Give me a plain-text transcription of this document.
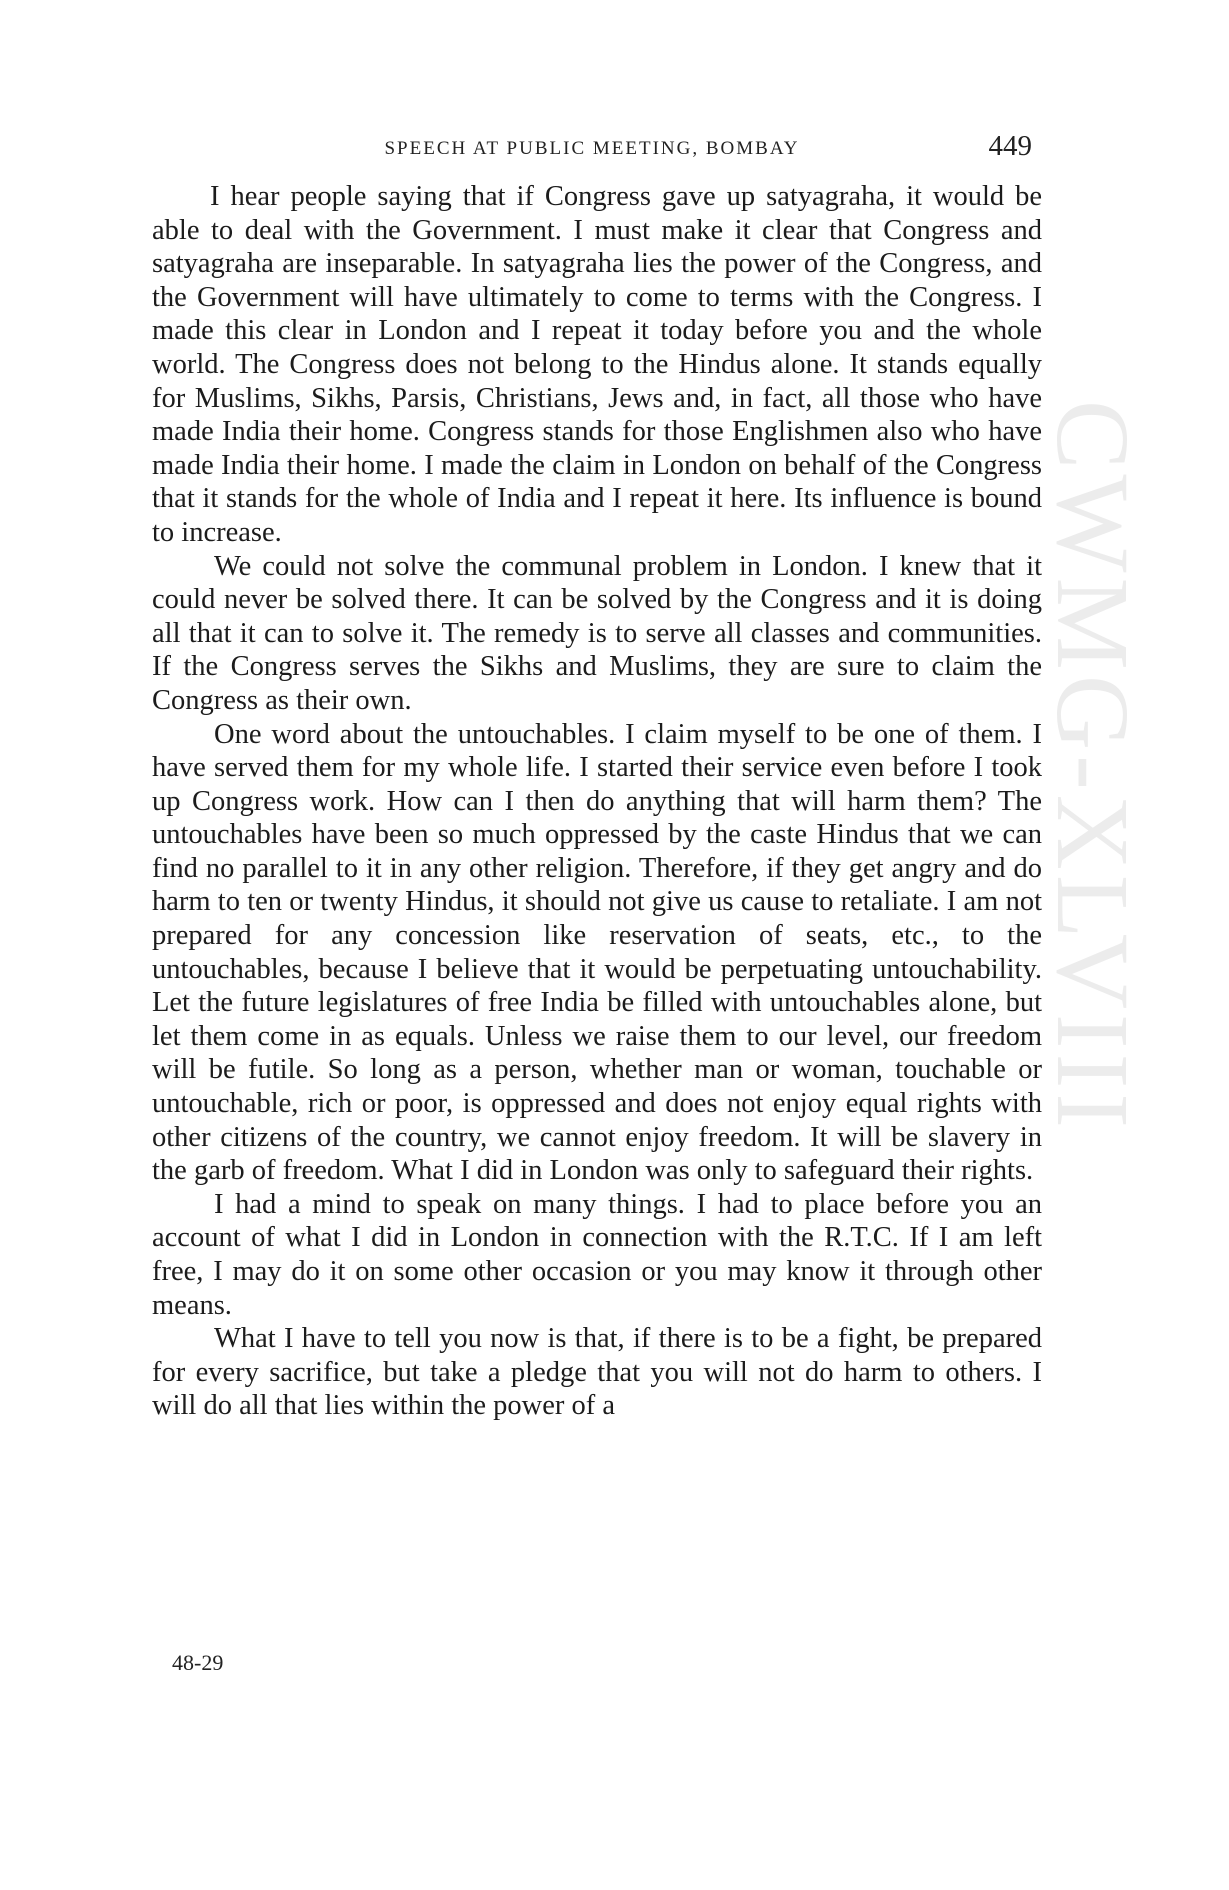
CWMG-XLVIII
SPEECH AT PUBLIC MEETING, BOMBAY	449

I hear people saying that if Congress gave up satyagraha, it would be able to deal with the Government. I must make it clear that Congress and satyagraha are inseparable. In satyagraha lies the power of the Congress, and the Government will have ultimately to come to terms with the Congress. I made this clear in London and I repeat it today before you and the whole world. The Congress does not belong to the Hindus alone. It stands equally for Muslims, Sikhs, Parsis, Christians, Jews and, in fact, all those who have made India their home. Congress stands for those Englishmen also who have made India their home. I made the claim in London on behalf of the Congress that it stands for the whole of India and I repeat it here. Its influence is bound to increase.

We could not solve the communal problem in London. I knew that it could never be solved there. It can be solved by the Congress and it is doing all that it can to solve it. The remedy is to serve all classes and communities. If the Congress serves the Sikhs and Muslims, they are sure to claim the Congress as their own.

One word about the untouchables. I claim myself to be one of them. I have served them for my whole life. I started their service even before I took up Congress work. How can I then do anything that will harm them? The untouchables have been so much oppressed by the caste Hindus that we can find no parallel to it in any other religion. Therefore, if they get angry and do harm to ten or twenty Hindus, it should not give us cause to retaliate. I am not prepared for any concession like reservation of seats, etc., to the untouchables, because I believe that it would be perpetuating untouchability. Let the future legislatures of free India be filled with untouchables alone, but let them come in as equals. Unless we raise them to our level, our freedom will be futile. So long as a person, whether man or woman, touchable or untouchable, rich or poor, is oppressed and does not enjoy equal rights with other citizens of the country, we cannot enjoy freedom. It will be slavery in the garb of freedom. What I did in London was only to safeguard their rights.

I had a mind to speak on many things. I had to place before you an account of what I did in London in connection with the R.T.C. If I am left free, I may do it on some other occasion or you may know it through other means.

What I have to tell you now is that, if there is to be a fight, be prepared for every sacrifice, but take a pledge that you will not do harm to others. I will do all that lies within the power of a

48-29
